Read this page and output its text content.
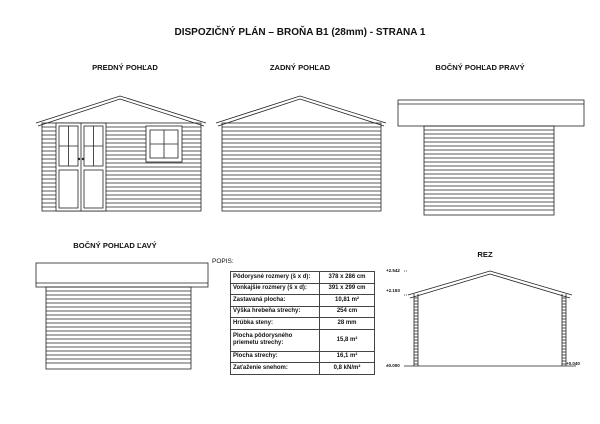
DISPOZIČNÝ PLÁN – BROŇA B1 (28mm) - STRANA 1
PREDNÝ POHĽAD	ZADNÝ POHĽAD	BOČNÝ POHĽAD PRAVÝ
BOČNÝ POHĽAD ĽAVÝ
REZ
+2.542
+2.193
±0.000	+0.040
POPIS:
Pôdorysné rozmery (š x d):	378 x 286 cm
Vonkajšie rozmery (š x d):	391 x 299 cm
Zastavaná plocha:	10,81 m²
Výška hrebeňa strechy:	254 cm
Hrúbka steny:	28 mm
Plocha pôdorysného priemetu strechy:	15,8 m²
Plocha strechy:	16,1 m²
Zaťaženie snehom:	0,8 kN/m²
